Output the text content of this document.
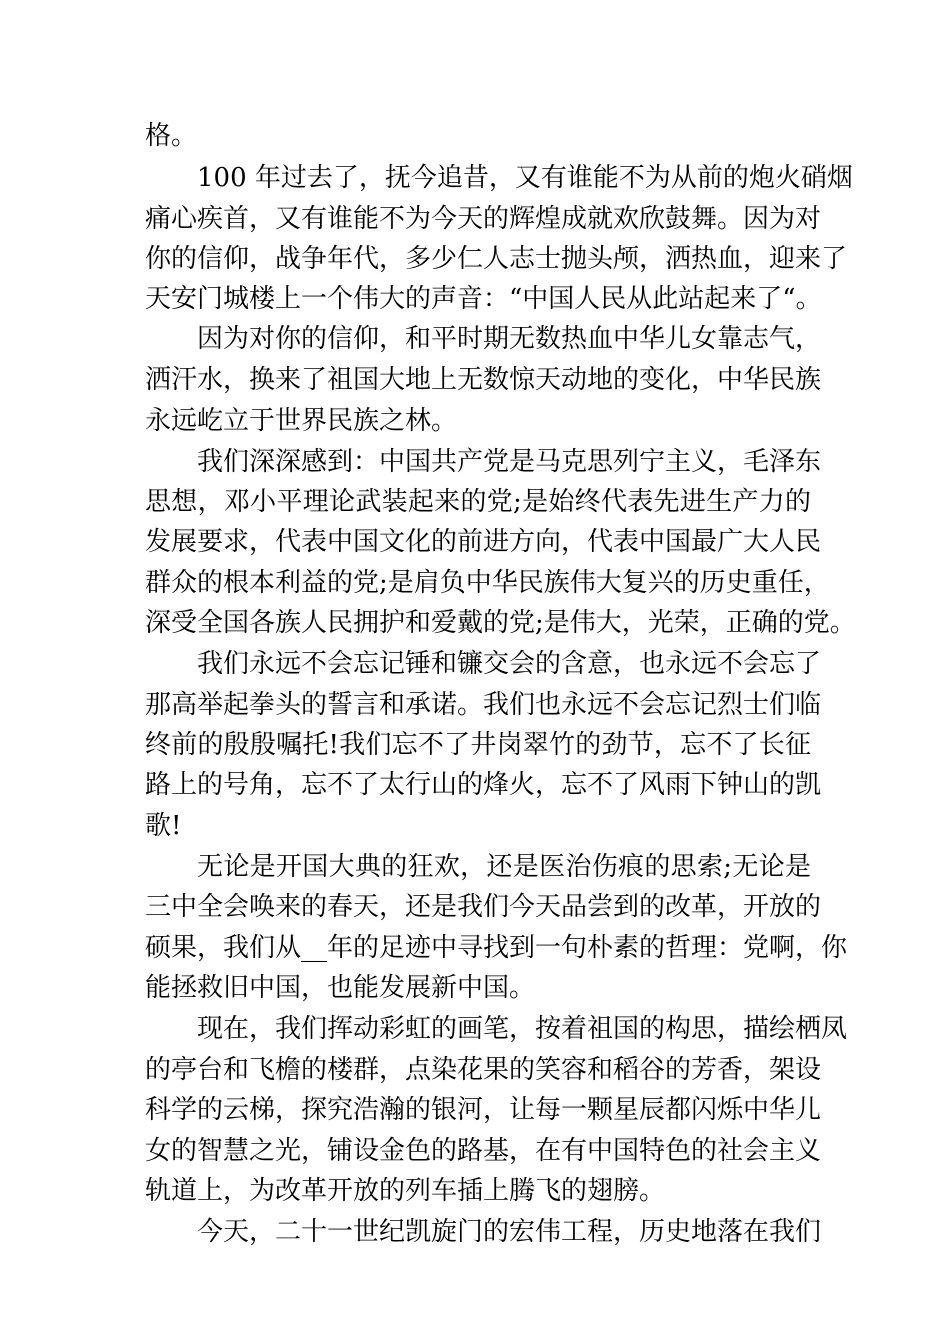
格。
100 年过去了，抚今追昔，又有谁能不为从前的炮火硝烟
痛心疾首，又有谁能不为今天的辉煌成就欢欣鼓舞。因为对
你的信仰，战争年代，多少仁人志士抛头颅，洒热血，迎来了
天安门城楼上一个伟大的声音：“中国人民从此站起来了“。
因为对你的信仰，和平时期无数热血中华儿女靠志气，
洒汗水，换来了祖国大地上无数惊天动地的变化，中华民族
永远屹立于世界民族之林。
我们深深感到：中国共产党是马克思列宁主义，毛泽东
思想，邓小平理论武装起来的党;是始终代表先进生产力的
发展要求，代表中国文化的前进方向，代表中国最广大人民
群众的根本利益的党;是肩负中华民族伟大复兴的历史重任，
深受全国各族人民拥护和爱戴的党;是伟大，光荣，正确的党。
我们永远不会忘记锤和镰交会的含意，也永远不会忘了
那高举起拳头的誓言和承诺。我们也永远不会忘记烈士们临
终前的殷殷嘱托!我们忘不了井岗翠竹的劲节，忘不了长征
路上的号角，忘不了太行山的烽火，忘不了风雨下钟山的凯
歌!
无论是开国大典的狂欢，还是医治伤痕的思索;无论是
三中全会唤来的春天，还是我们今天品尝到的改革，开放的
硕果，我们从__年的足迹中寻找到一句朴素的哲理：党啊，你
能拯救旧中国，也能发展新中国。
现在，我们挥动彩虹的画笔，按着祖国的构思，描绘栖凤
的亭台和飞檐的楼群，点染花果的笑容和稻谷的芳香，架设
科学的云梯，探究浩瀚的银河，让每一颗星辰都闪烁中华儿
女的智慧之光，铺设金色的路基，在有中国特色的社会主义
轨道上，为改革开放的列车插上腾飞的翅膀。
今天，二十一世纪凯旋门的宏伟工程，历史地落在我们
